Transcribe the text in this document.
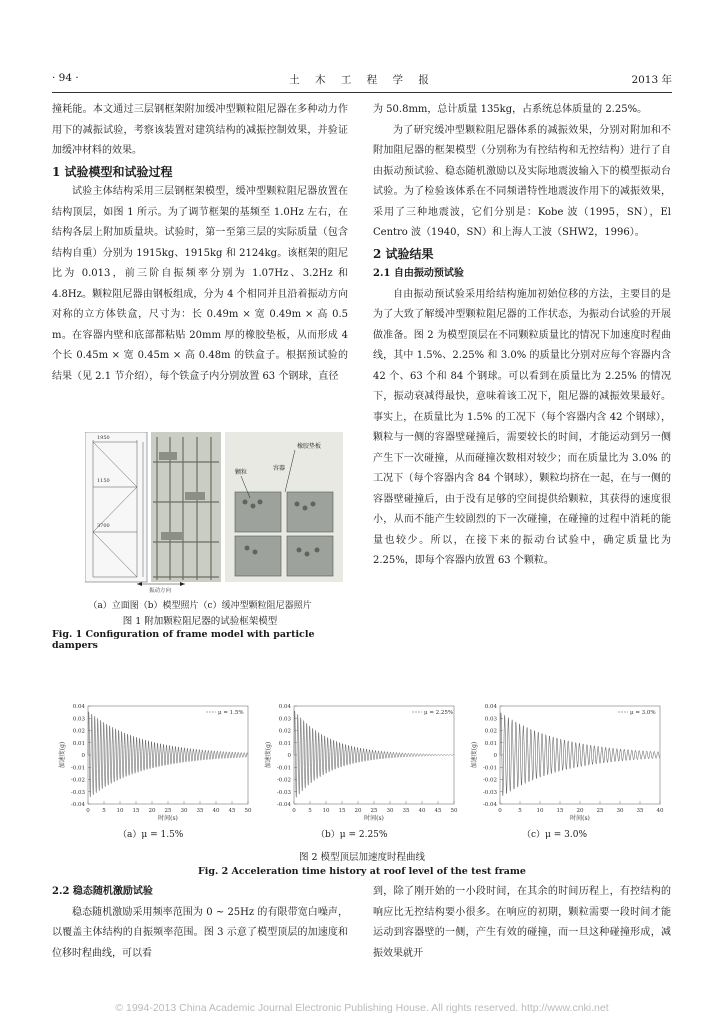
· 94 ·	土 木 工 程 学 报	2013 年

撞耗能。本文通过三层钢框架附加缓冲型颗粒阻尼器在多种动力作用下的减振试验，考察该装置对建筑结构的减振控制效果，并验证加缓冲材料的效果。

1 试验模型和试验过程

试验主体结构采用三层钢框架模型，缓冲型颗粒阻尼器放置在结构顶层，如图 1 所示。为了调节框架的基频至 1.0Hz 左右，在结构各层上附加质量块。试验时，第一至第三层的实际质量（包含结构自重）分别为 1915kg、1915kg 和 2124kg。该框架的阻尼比为 0.013，前三阶自振频率分别为 1.07Hz、3.2Hz 和 4.8Hz。颗粒阻尼器由钢板组成，分为 4 个相同并且沿着振动方向对称的立方体铁盒，尺寸为：长 0.49m × 宽 0.49m × 高 0.5 m。在容器内壁和底部都粘贴 20mm 厚的橡胶垫板，从而形成 4 个长 0.45m × 宽 0.45m × 高 0.48m 的铁盒子。根据预试验的结果（见 2.1 节介绍），每个铁盒子内分别放置 63 个钢球，直径

1950
1150
3700
橡胶垫板
颗粒
容器
振动方向

（a）立面图（b）模型照片（c）缓冲型颗粒阻尼器照片

图 1 附加颗粒阻尼器的试验框架模型

Fig. 1 Configuration of frame model with particle dampers

为 50.8mm，总计质量 135kg，占系统总体质量的 2.25%。

为了研究缓冲型颗粒阻尼器体系的减振效果，分别对附加和不附加阻尼器的框架模型（分别称为有控结构和无控结构）进行了自由振动预试验、稳态随机激励以及实际地震波输入下的模型振动台试验。为了检验该体系在不同频谱特性地震波作用下的减振效果，采用了三种地震波，它们分别是：Kobe 波（1995，SN），El Centro 波（1940，SN）和上海人工波（SHW2，1996）。

2 试验结果

2.1 自由振动预试验

自由振动预试验采用给结构施加初始位移的方法，主要目的是为了大致了解缓冲型颗粒阻尼器的工作状态，为振动台试验的开展做准备。图 2 为模型顶层在不同颗粒质量比的情况下加速度时程曲线，其中 1.5%、2.25% 和 3.0% 的质量比分别对应每个容器内含 42 个、63 个和 84 个钢球。可以看到在质量比为 2.25% 的情况下，振动衰减得最快，意味着该工况下，阻尼器的减振效果最好。事实上，在质量比为 1.5% 的工况下（每个容器内含 42 个钢球），颗粒与一侧的容器壁碰撞后，需要较长的时间，才能运动到另一侧产生下一次碰撞，从而碰撞次数相对较少；而在质量比为 3.0% 的工况下（每个容器内含 84 个钢球），颗粒均挤在一起，在与一侧的容器壁碰撞后，由于没有足够的空间提供给颗粒，其获得的速度很小，从而不能产生较剧烈的下一次碰撞，在碰撞的过程中消耗的能量也较少。所以，在接下来的振动台试验中，确定质量比为 2.25%，即每个容器内放置 63 个颗粒。

0.04
0.03
0.02
0.01
0
-0.01
-0.02
-0.03
-0.04
0 5 10 15 20 25 30 35 40 45 50
时间(s)
加速度(g)
μ = 1.5%
0.04
0.03
0.02
0.01
0
-0.01
-0.02
-0.03
-0.04
0 5 10 15 20 25 30 35 40 45 50
时间(s)
加速度(g)
μ = 2.25%
0.04
0.03
0.02
0.01
0
-0.01
-0.02
-0.03
-0.04
0	5	10 15 20 25 30 35 40
时间(s)
加速度(g)
μ = 3.0%
（a）μ = 1.5%	（b）μ = 2.25%	（c）μ = 3.0%

图 2 模型顶层加速度时程曲线

Fig. 2 Acceleration time history at roof level of the test frame

2.2 稳态随机激励试验

稳态随机激励采用频率范围为 0 ~ 25Hz 的有限带宽白噪声，以覆盖主体结构的自振频率范围。图 3 示意了模型顶层的加速度和位移时程曲线，可以看

到，除了刚开始的一小段时间，在其余的时间历程上，有控结构的响应比无控结构要小很多。在响应的初期，颗粒需要一段时间才能运动到容器壁的一侧，产生有效的碰撞，而一旦这种碰撞形成，减振效果就开

© 1994-2013 China Academic Journal Electronic Publishing House. All rights reserved. http://www.cnki.net
